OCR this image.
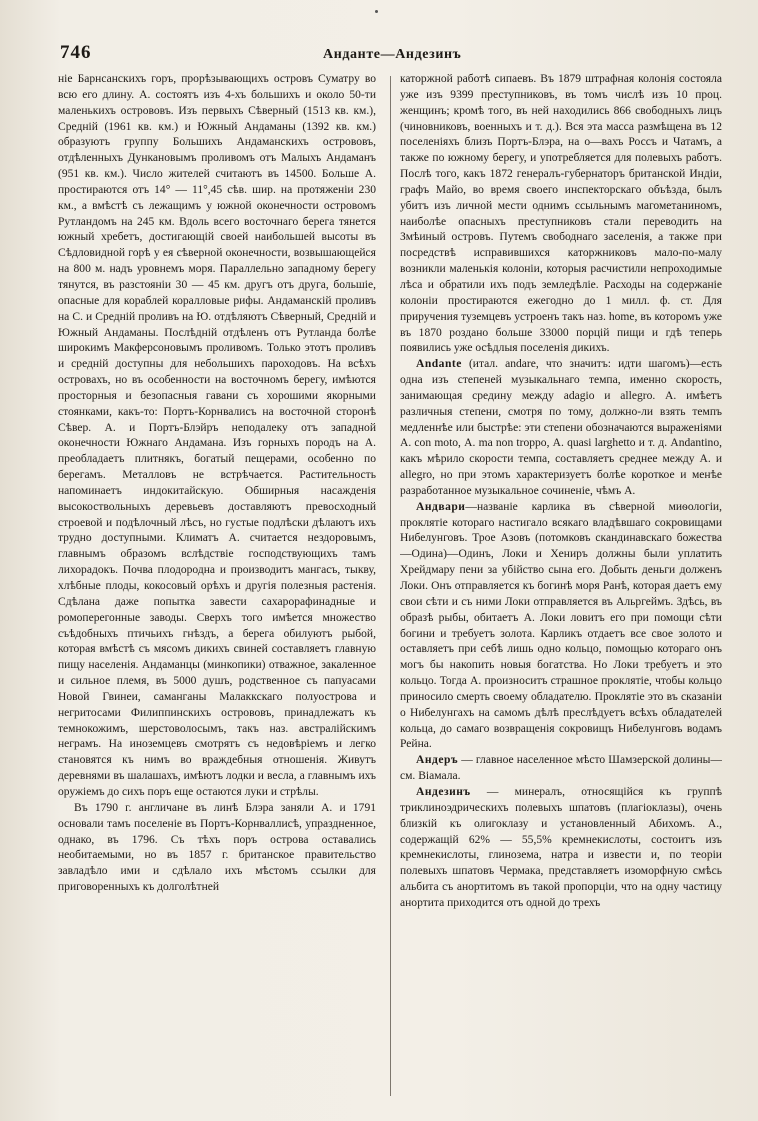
746	Андантe—Андезинъ

ніе Барнсанскихъ горъ, прорѣзывающихъ островъ Суматру во всю его длину. А. состоятъ изъ 4-хъ большихъ и около 50-ти маленькихъ острововъ. Изъ первыхъ Сѣверный (1513 кв. км.), Средній (1961 кв. км.) и Южный Андаманы (1392 кв. км.) образуютъ группу Большихъ Андаманскихъ острововъ, отдѣленныхъ Дункановымъ проливомъ отъ Малыхъ Андаманъ (951 кв. км.). Число жителей считаютъ въ 14500. Больше А. простираются отъ 14° — 11°,45 сѣв. шир. на протяженіи 230 км., а вмѣстѣ съ лежащимъ у южной оконечности островомъ Рутландомъ на 245 км. Вдоль всего восточнаго берега тянется южный хребетъ, достигающій своей наибольшей высоты въ Сѣдловидной горѣ у ея сѣверной оконечности, возвышающейся на 800 м. надъ уровнемъ моря. Параллельно западному берегу тянутся, въ разстояніи 30 — 45 км. другъ отъ друга, большіе, опасные для кораблей коралловые рифы. Андаманскій проливъ на С. и Средній проливъ на Ю. отдѣляютъ Сѣверный, Средній и Южный Андаманы. Послѣдній отдѣленъ отъ Рутланда болѣе широкимъ Макферсоновымъ проливомъ. Только этотъ проливъ и средній доступны для небольшихъ пароходовъ. На всѣхъ островахъ, но въ особенности на восточномъ берегу, имѣются просторныя и безопасныя гавани съ хорошими якорными стоянками, какъ-то: Портъ-Корнвалисъ на восточной сторонѣ Сѣвер. А. и Портъ-Блэйръ неподалеку отъ западной оконечности Южнаго Андамана. Изъ горныхъ породъ на А. преобладаетъ плитнякъ, богатый пещерами, особенно по берегамъ. Металловъ не встрѣчается. Растительность напоминаетъ индокитайскую. Обширныя насажденія высокоствольныхъ деревьевъ доставляютъ превосходный строевой и подѣлочный лѣсъ, но густые подлѣски дѣлаютъ ихъ трудно доступными. Климатъ А. считается нездоровымъ, главнымъ образомъ вслѣдствіе господствующихъ тамъ лихорадокъ. Почва плодородна и производитъ мангасъ, тыкву, хлѣбные плоды, кокосовый орѣхъ и другія полезныя растенія. Сдѣлана даже попытка завести сахарорафинадные и ромоперегонные заводы. Сверхъ того имѣется множество съѣдобныхъ птичьихъ гнѣздъ, а берега обилуютъ рыбой, которая вмѣстѣ съ мясомъ дикихъ свиней составляетъ главную пищу населенія. Андаманцы (минкопики) отважное, закаленное и сильное племя, въ 5000 душъ, родственное съ папуасами Новой Гвинеи, саманганы Малаккскаго полуострова и негритосами Филиппинскихъ острововъ, принадлежатъ къ темнокожимъ, шерстоволосымъ, такъ наз. австралійскимъ неграмъ. На иноземцевъ смотрятъ съ недовѣріемъ и легко становятся къ нимъ во враждебныя отношенія. Живутъ деревнями въ шалашахъ, имѣютъ лодки и весла, а главнымъ ихъ оружіемъ до сихъ поръ еще остаются луки и стрѣлы.

Въ 1790 г. англичане въ линѣ Блэра заняли А. и 1791 основали тамъ поселеніе въ Портъ-Корнваллисѣ, упраздненное, однако, въ 1796. Съ тѣхъ поръ острова оставались необитаемыми, но въ 1857 г. британское правительство завладѣло ими и сдѣлало ихъ мѣстомъ ссылки для приговоренныхъ къ долголѣтней

каторжной работѣ сипаевъ. Въ 1879 штрафная колонія состояла уже изъ 9399 преступниковъ, въ томъ числѣ изъ 10 проц. женщинъ; кромѣ того, въ ней находились 866 свободныхъ лицъ (чиновниковъ, военныхъ и т. д.). Вся эта масса размѣщена въ 12 поселеніяхъ близъ Портъ-Блэра, на о—вахъ Россъ и Чатамъ, а также по южному берегу, и употребляется для полевыхъ работъ. Послѣ того, какъ 1872 генералъ-губернаторъ британской Индіи, графъ Майо, во время своего инспекторскаго объѣзда, былъ убитъ изъ личной мести однимъ ссыльнымъ магометаниномъ, наиболѣе опасныхъ преступниковъ стали переводить на Змѣиный островъ. Путемъ свободнаго заселенія, а также при посредствѣ исправившихся каторжниковъ мало-по-малу возникли маленькія колоніи, которыя расчистили непроходимые лѣса и обратили ихъ подъ земледѣліе. Расходы на содержаніе колоніи простираются ежегодно до 1 милл. ф. ст. Для приручения туземцевъ устроенъ такъ наз. home, въ которомъ уже въ 1870 роздано больше 33000 порцій пищи и гдѣ теперь появились уже осѣдлыя поселенія дикихъ.

Andante (итал. andare, что значитъ: идти шагомъ)—есть одна изъ степеней музыкальнаго темпа, именно скорость, занимающая средину между adagio и allegro. А. имѣетъ различныя степени, смотря по тому, должно-ли взять темпъ медленнѣе или быстрѣе: эти степени обозначаются выраженіями А. con moto, А. ma non troppo, А. quasi larghetto и т. д. Andantino, какъ мѣрило скорости темпа, составляетъ среднее между А. и allegro, но при этомъ характеризуетъ болѣе короткое и менѣе разработанное музыкальное сочиненіе, чѣмъ А.

Андвари—названіе карлика въ сѣверной миѳологіи, проклятіе котораго настигало всякаго владѣвшаго сокровищами Нибелунговъ. Трое Азовъ (потомковъ скандинавскаго божества—Одина)—Одинъ, Локи и Хениръ должны были уплатить Хрейдмару пени за убійство сына его. Добыть деньги долженъ Локи. Онъ отправляется къ богинѣ моря Ранѣ, которая даетъ ему свои сѣти и съ ними Локи отправляется въ Альргеймъ. Здѣсь, въ образѣ рыбы, обитаетъ А. Локи ловитъ его при помощи сѣти богини и требуетъ золота. Карликъ отдаетъ все свое золото и оставляетъ при себѣ лишь одно кольцо, помощью котораго онъ могъ бы накопить новыя богатства. Но Локи требуетъ и это кольцо. Тогда А. произноситъ страшное проклятіе, чтобы кольцо приносило смерть своему обладателю. Проклятіе это въ сказаніи о Нибелунгахъ на самомъ дѣлѣ преслѣдуетъ всѣхъ обладателей кольца, до самаго возвращенія сокровищъ Нибелунговъ водамъ Рейна.

Андеръ — главное населенное мѣсто Шамзерской долины—см. Віамала.

Андезинъ — минералъ, относящійся къ группѣ триклиноэдрическихъ полевыхъ шпатовъ (плагіоклазы), очень близкій къ олигоклазу и установленный Абихомъ. А., содержащій 62% — 55,5% кремнекислоты, состоитъ изъ кремнекислоты, глинозема, натра и извести и, по теоріи полевыхъ шпатовъ Чермака, представляетъ изоморфную смѣсь альбита съ анортитомъ въ такой пропорціи, что на одну частицу анортита приходится отъ одной до трехъ
